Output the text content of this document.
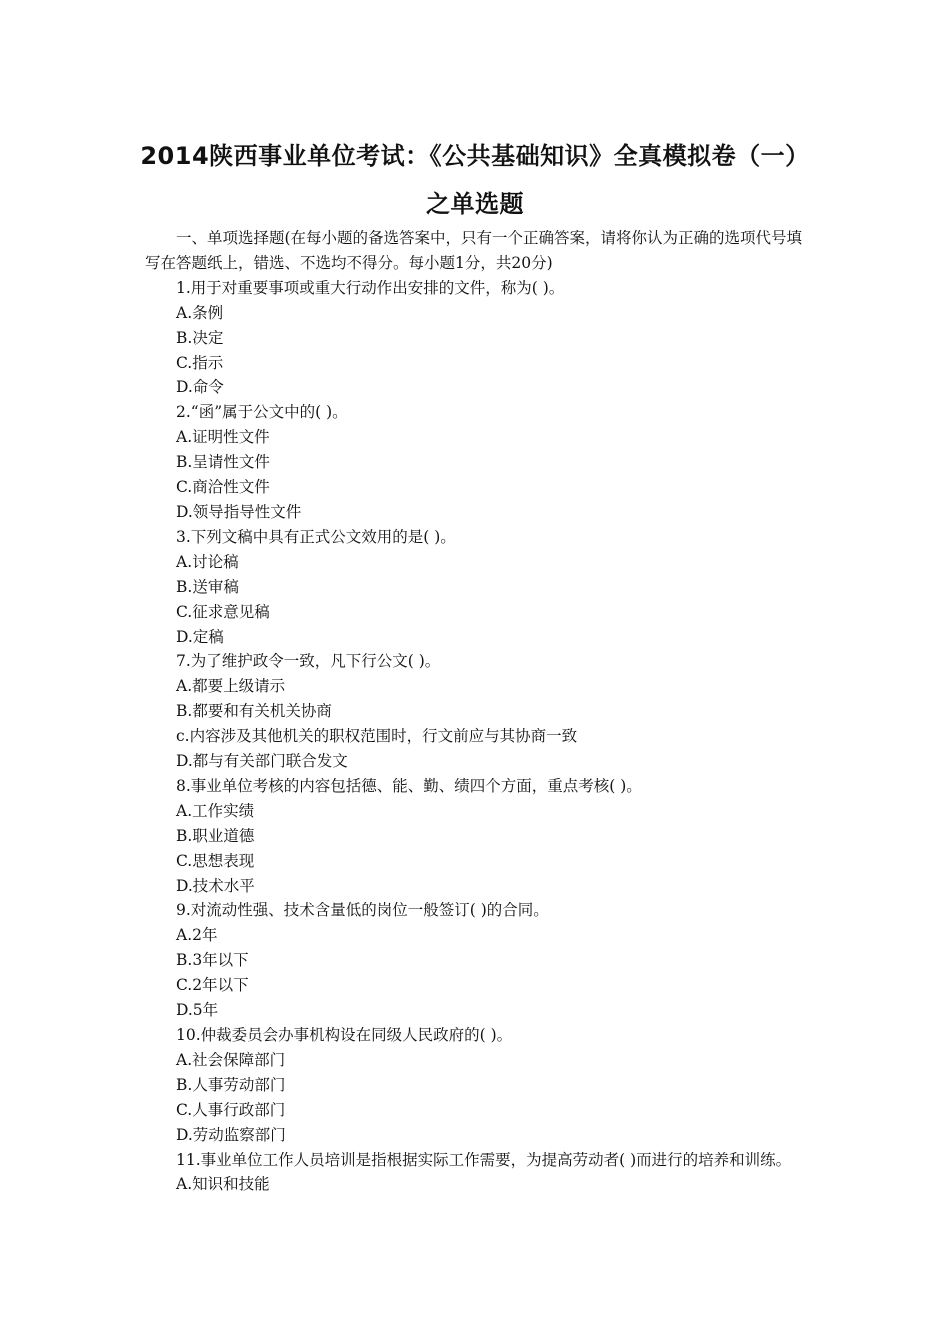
2014陕西事业单位考试：《公共基础知识》全真模拟卷（一）
之单选题

一、单项选择题(在每小题的备选答案中，只有一个正确答案，请将你认为正确的选项代号填写在答题纸上，错选、不选均不得分。每小题1分，共20分)

1.用于对重要事项或重大行动作出安排的文件，称为( )。

A.条例

B.决定

C.指示

D.命令

2.“函”属于公文中的( )。

A.证明性文件

B.呈请性文件

C.商洽性文件

D.领导指导性文件

3.下列文稿中具有正式公文效用的是( )。

A.讨论稿

B.送审稿

C.征求意见稿

D.定稿

7.为了维护政令一致，凡下行公文( )。

A.都要上级请示

B.都要和有关机关协商

c.内容涉及其他机关的职权范围时，行文前应与其协商一致

D.都与有关部门联合发文

8.事业单位考核的内容包括德、能、勤、绩四个方面，重点考核( )。

A.工作实绩

B.职业道德

C.思想表现

D.技术水平

9.对流动性强、技术含量低的岗位一般签订( )的合同。

A.2年

B.3年以下

C.2年以下

D.5年

10.仲裁委员会办事机构设在同级人民政府的( )。

A.社会保障部门

B.人事劳动部门

C.人事行政部门

D.劳动监察部门

11.事业单位工作人员培训是指根据实际工作需要，为提高劳动者( )而进行的培养和训练。

A.知识和技能
